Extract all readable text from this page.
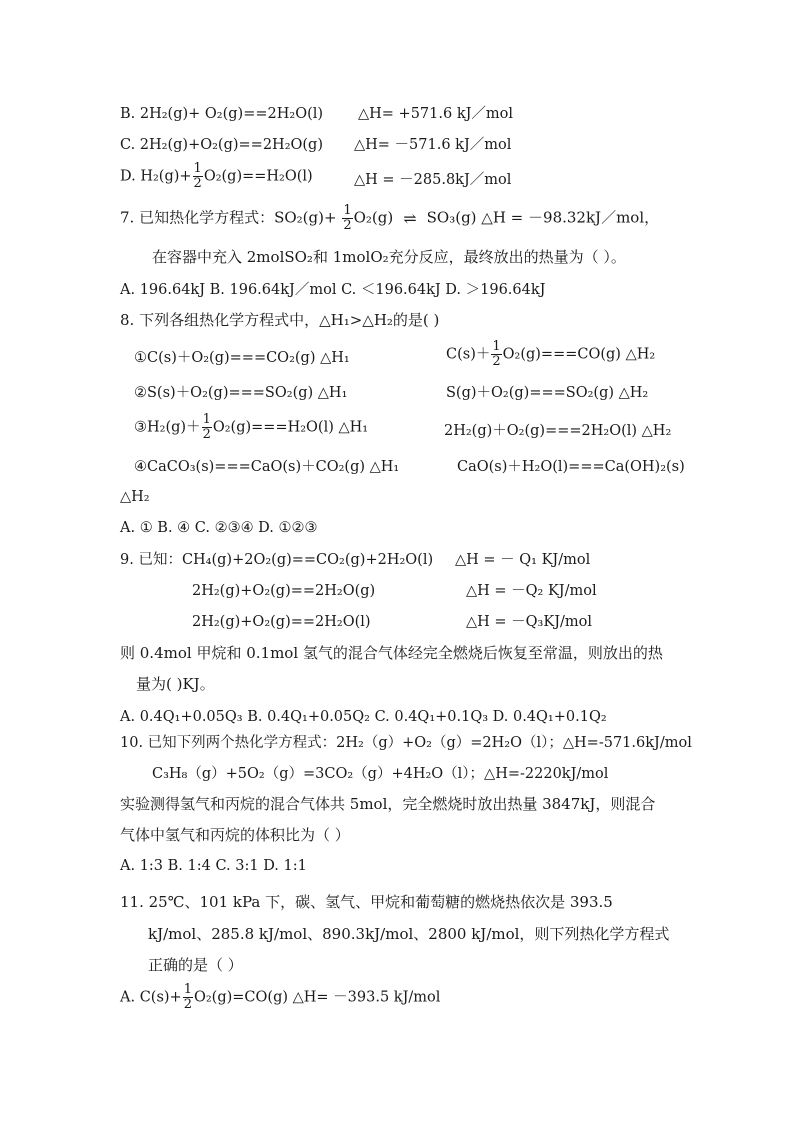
B. 2H₂(g)+ O₂(g)==2H₂O(l) △H= +571.6 kJ／mol
C. 2H₂(g)+O₂(g)==2H₂O(g) △H= －571.6 kJ／mol
D. $H_2(g)+ \frac{1}{2} O_2(g)==H_2O(l)$	△H = －285.8kJ／mol
7. 已知热化学方程式：$SO_2(g)+ \frac{1}{2} O_2(g)$ ⇌ SO₃(g) △H = －98.32kJ／mol，
在容器中充入 2molSO₂和 1molO₂充分反应，最终放出的热量为（ ）。
A. 196.64kJ B. 196.64kJ／mol C. ＜196.64kJ D. ＞196.64kJ
8. 下列各组热化学方程式中，△H₁>△H₂的是( )
①C(s)＋O₂(g)===CO₂(g) △H₁	$C(s)+ \frac{1}{2} O_2(g)===CO(g)$ △H₂
②S(s)＋O₂(g)===SO₂(g) △H₁	S(g)＋O₂(g)===SO₂(g) △H₂
③H₂(g)＋ $\frac{1}{2} O_2(g)===H_2O(l)$ △H₁	2H₂(g)＋O₂(g)===2H₂O(l) △H₂
④CaCO₃(s)===CaO(s)＋CO₂(g) △H₁	CaO(s)＋H₂O(l)===Ca(OH)₂(s)
△H₂
A. ① B. ④ C. ②③④ D. ①②③
9. 已知：CH₄(g)+2O₂(g)==CO₂(g)+2H₂O(l) △H = － Q₁ KJ/mol
2H₂(g)+O₂(g)==2H₂O(g)	△H = －Q₂ KJ/mol
2H₂(g)+O₂(g)==2H₂O(l)	△H = －Q₃KJ/mol
则 0.4mol 甲烷和 0.1mol 氢气的混合气体经完全燃烧后恢复至常温，则放出的热
量为( )KJ。
A. 0.4Q₁+0.05Q₃ B. 0.4Q₁+0.05Q₂ C. 0.4Q₁+0.1Q₃ D. 0.4Q₁+0.1Q₂
10. 已知下列两个热化学方程式：2H₂（g）+O₂（g）=2H₂O（l）；△H=-571.6kJ/mol
C₃H₈（g）+5O₂（g）=3CO₂（g）+4H₂O（l）；△H=-2220kJ/mol
实验测得氢气和丙烷的混合气体共 5mol，完全燃烧时放出热量 3847kJ，则混合
气体中氢气和丙烷的体积比为（ ）
A. 1:3 B. 1:4 C. 3:1 D. 1:1
11. 25℃、101 kPa 下，碳、氢气、甲烷和葡萄糖的燃烧热依次是 393.5
kJ/mol、285.8 kJ/mol、890.3kJ/mol、2800 kJ/mol，则下列热化学方程式
正确的是（ ）
A. $C(s)+ \frac{1}{2} O_2(g)=CO(g)$ △H= －393.5 kJ/mol
